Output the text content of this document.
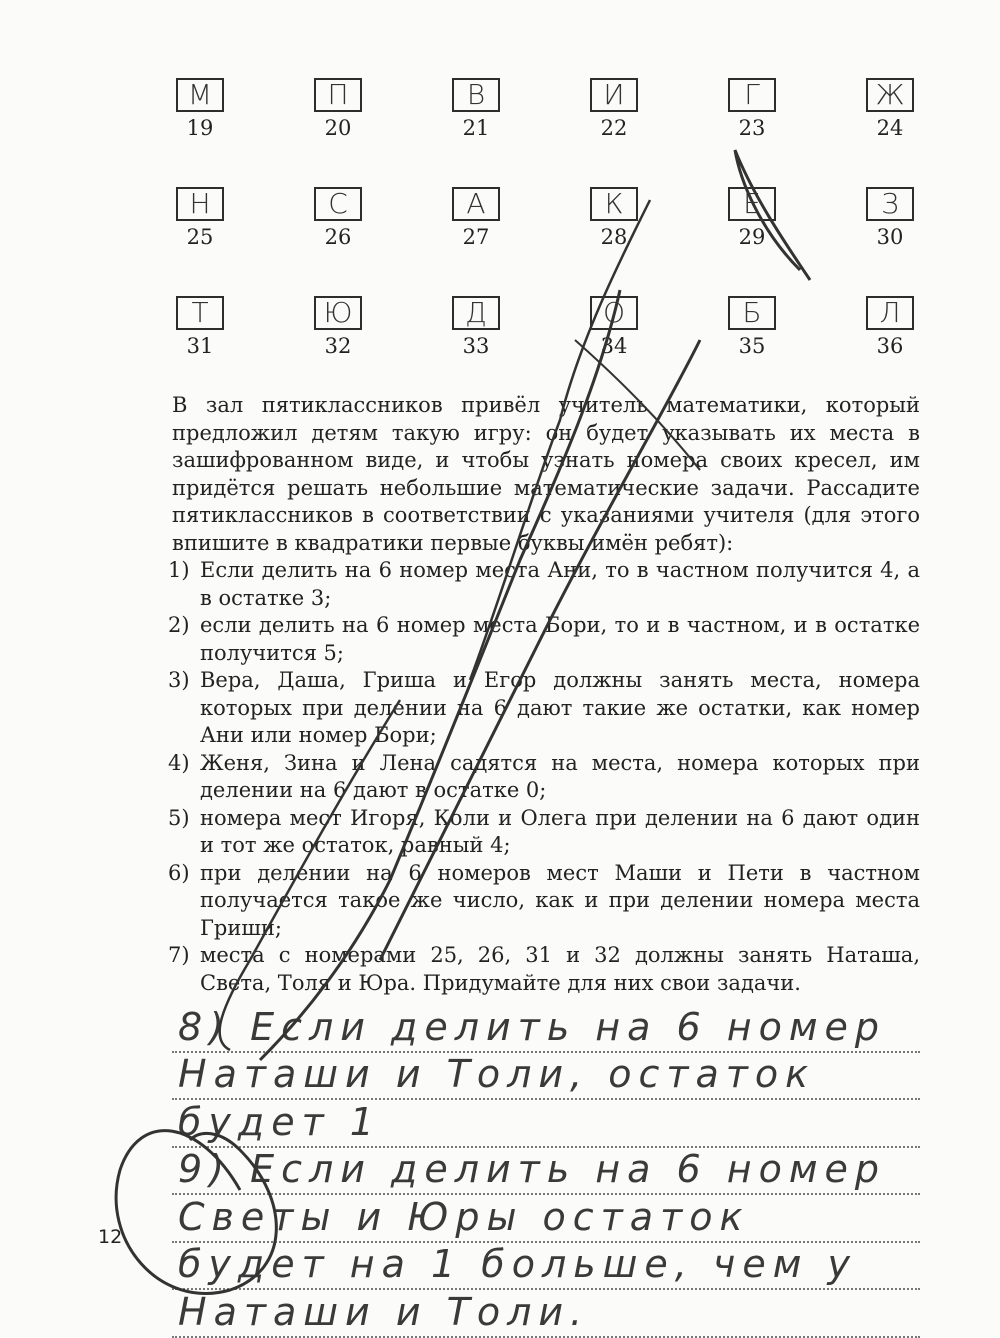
М
19
П
20
В
21
И
22
Г
23
Ж
24
Н
25
С
26
А
27
К
28
Е
29
З
30
Т
31
Ю
32
Д
33
О
34
Б
35
Л
36

В зал пятиклассников привёл учитель математики, который предложил детям такую игру: он будет указывать их места в зашифрованном виде, и чтобы узнать номера своих кресел, им придётся решать небольшие математические задачи. Рассадите пятиклассников в соответствии с указаниями учителя (для этого впишите в квадратики первые буквы имён ребят):

1) Если делить на 6 номер места Ани, то в частном получится 4, а в остатке 3;
2) если делить на 6 номер места Бори, то и в частном, и в остатке получится 5;
3) Вера, Даша, Гриша и Егор должны занять места, номера которых при делении на 6 дают такие же остатки, как номер Ани или номер Бори;
4) Женя, Зина и Лена садятся на места, номера которых при делении на 6 дают в остатке 0;
5) номера мест Игоря, Коли и Олега при делении на 6 дают один и тот же остаток, равный 4;
6) при делении на 6 номеров мест Маши и Пети в частном получается такое же число, как и при делении номера места Гриши;
7) места с номерами 25, 26, 31 и 32 должны занять Наташа, Света, Толя и Юра. Придумайте для них свои задачи.
8) Если делить на 6 номер
Наташи и Толи, остаток
будет 1
9) Если делить на 6 номер
Светы и Юры остаток
будет на 1 больше, чем у
Наташи и Толи.
12
